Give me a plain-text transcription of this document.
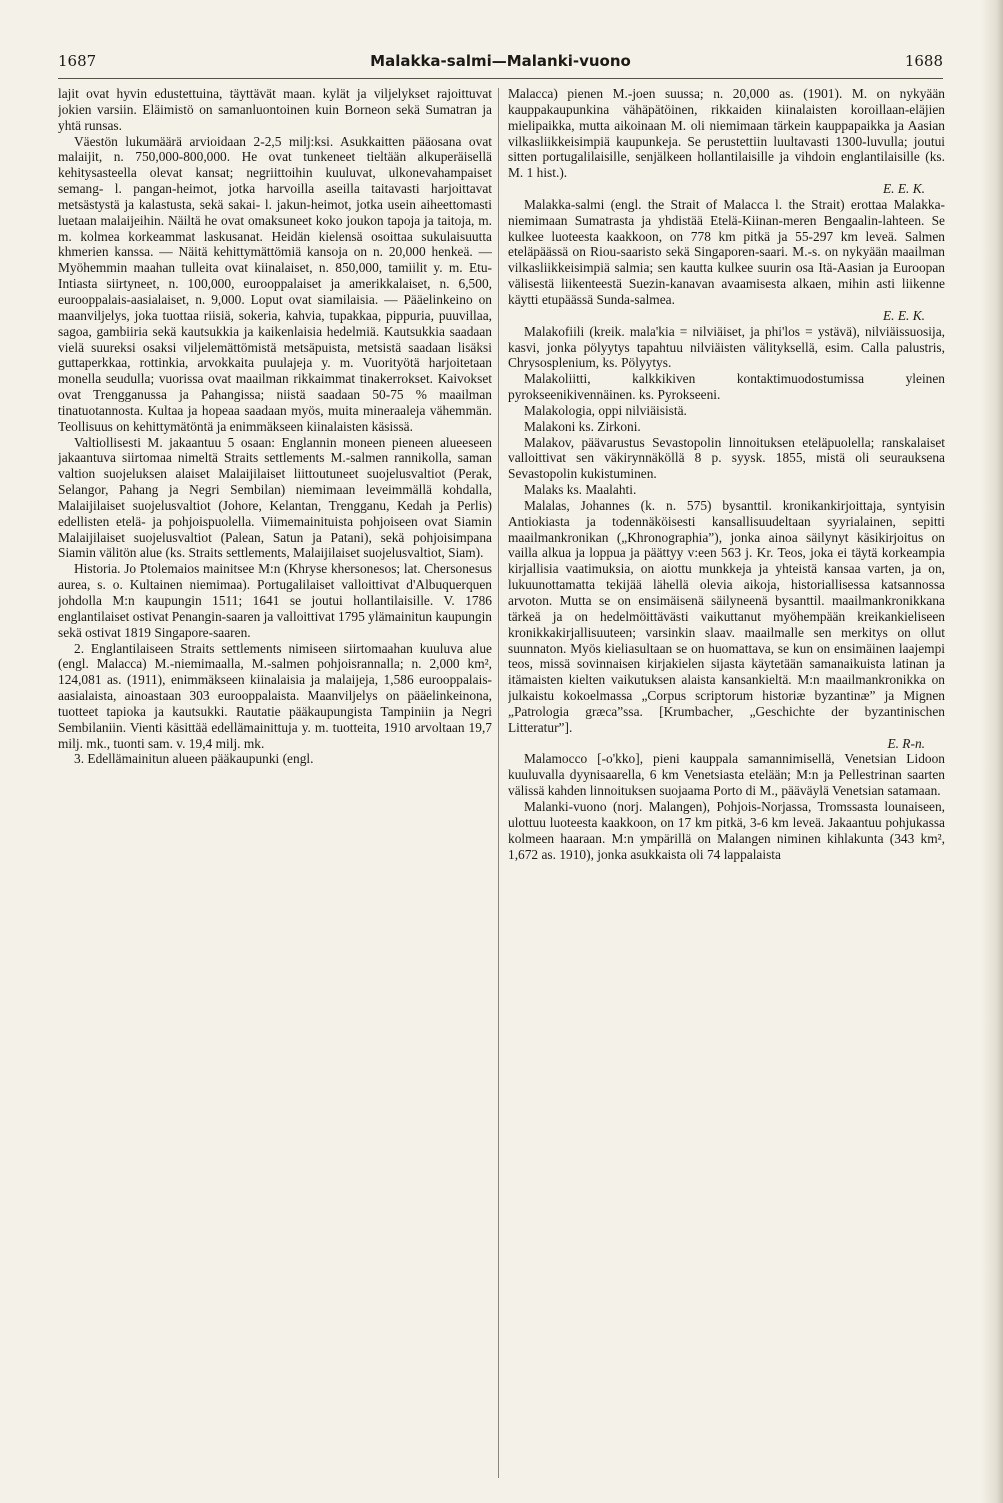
1687	Malakka-salmi—Malanki-vuono	1688

lajit ovat hyvin edustettuina, täyttävät maan. kylät ja viljelykset rajoittuvat jokien varsiin. Eläimistö on samanluontoinen kuin Borneon sekä Sumatran ja yhtä runsas.

Väestön lukumäärä arvioidaan 2-2,5 milj:ksi. Asukkaitten pääosana ovat malaijit, n. 750,000-800,000. He ovat tunkeneet tieltään alkuperäisellä kehitysasteella olevat kansat; negriittoihin kuuluvat, ulkonevahampaiset semang- l. pangan-heimot, jotka harvoilla aseilla taitavasti harjoittavat metsästystä ja kalastusta, sekä sakai- l. jakun-heimot, jotka usein aiheettomasti luetaan malaijeihin. Näiltä he ovat omaksuneet koko joukon tapoja ja taitoja, m. m. kolmea korkeammat laskusanat. Heidän kielensä osoittaa sukulaisuutta khmerien kanssa. — Näitä kehittymättömiä kansoja on n. 20,000 henkeä. — Myöhemmin maahan tulleita ovat kiinalaiset, n. 850,000, tamiilit y. m. Etu-Intiasta siirtyneet, n. 100,000, eurooppalaiset ja amerikkalaiset, n. 6,500, eurooppalais-aasialaiset, n. 9,000. Loput ovat siamilaisia. — Pääelinkeino on maanviljelys, joka tuottaa riisiä, sokeria, kahvia, tupakkaa, pippuria, puuvillaa, sagoa, gambiiria sekä kautsukkia ja kaikenlaisia hedelmiä. Kautsukkia saadaan vielä suureksi osaksi viljelemättömistä metsäpuista, metsistä saadaan lisäksi guttaperkkaa, rottinkia, arvokkaita puulajeja y. m. Vuorityötä harjoitetaan monella seudulla; vuorissa ovat maailman rikkaimmat tinakerrokset. Kaivokset ovat Trengganussa ja Pahangissa; niistä saadaan 50-75 % maailman tinatuotannosta. Kultaa ja hopeaa saadaan myös, muita mineraaleja vähemmän. Teollisuus on kehittymätöntä ja enimmäkseen kiinalaisten käsissä.

Valtiollisesti M. jakaantuu 5 osaan: Englannin moneen pieneen alueeseen jakaantuva siirtomaa nimeltä Straits settlements M.-salmen rannikolla, saman valtion suojeluksen alaiset Malaijilaiset liittoutuneet suojelusvaltiot (Perak, Selangor, Pahang ja Negri Sembilan) niemimaan leveimmällä kohdalla, Malaijilaiset suojelusvaltiot (Johore, Kelantan, Trengganu, Kedah ja Perlis) edellisten etelä- ja pohjoispuolella. Viimemainituista pohjoiseen ovat Siamin Malaijilaiset suojelusvaltiot (Palean, Satun ja Patani), sekä pohjoisimpana Siamin välitön alue (ks. Straits settlements, Malaijilaiset suojelusvaltiot, Siam).

Historia. Jo Ptolemaios mainitsee M:n (Khryse khersonesos; lat. Chersonesus aurea, s. o. Kultainen niemimaa). Portugalilaiset valloittivat d'Albuquerquen johdolla M:n kaupungin 1511; 1641 se joutui hollantilaisille. V. 1786 englantilaiset ostivat Penangin-saaren ja valloittivat 1795 ylämainitun kaupungin sekä ostivat 1819 Singapore-saaren.

2. Englantilaiseen Straits settlements nimiseen siirtomaahan kuuluva alue (engl. Malacca) M.-niemimaalla, M.-salmen pohjoisrannalla; n. 2,000 km², 124,081 as. (1911), enimmäkseen kiinalaisia ja malaijeja, 1,586 eurooppalais-aasialaista, ainoastaan 303 eurooppalaista. Maanviljelys on pääelinkeinona, tuotteet tapioka ja kautsukki. Rautatie pääkaupungista Tampiniin ja Negri Sembilaniin. Vienti käsittää edellämainittuja y. m. tuotteita, 1910 arvoltaan 19,7 milj. mk., tuonti sam. v. 19,4 milj. mk.

3. Edellämainitun alueen pääkaupunki (engl.

Malacca) pienen M.-joen suussa; n. 20,000 as. (1901). M. on nykyään kauppakaupunkina vähäpätöinen, rikkaiden kiinalaisten koroillaan-eläjien mielipaikka, mutta aikoinaan M. oli niemimaan tärkein kauppapaikka ja Aasian vilkasliikkeisimpiä kaupunkeja. Se perustettiin luultavasti 1300-luvulla; joutui sitten portugalilaisille, senjälkeen hollantilaisille ja vihdoin englantilaisille (ks. M. 1 hist.).

E. E. K.

Malakka-salmi (engl. the Strait of Malacca l. the Strait) erottaa Malakka-niemimaan Sumatrasta ja yhdistää Etelä-Kiinan-meren Bengaalin-lahteen. Se kulkee luoteesta kaakkoon, on 778 km pitkä ja 55-297 km leveä. Salmen eteläpäässä on Riou-saaristo sekä Singaporen-saari. M.-s. on nykyään maailman vilkasliikkeisimpiä salmia; sen kautta kulkee suurin osa Itä-Aasian ja Euroopan välisestä liikenteestä Suezin-kanavan avaamisesta alkaen, mihin asti liikenne käytti etupäässä Sunda-salmea.

E. E. K.

Malakofiili (kreik. mala'kia = nilviäiset, ja phi'los = ystävä), nilviäissuosija, kasvi, jonka pölyytys tapahtuu nilviäisten välityksellä, esim. Calla palustris, Chrysosplenium, ks. Pölyytys.

Malakoliitti, kalkkikiven kontaktimuodostumissa yleinen pyrokseenikivennäinen. ks. Pyrokseeni.

Malakologia, oppi nilviäisistä.

Malakoni ks. Zirkoni.

Malakov, päävarustus Sevastopolin linnoituksen eteläpuolella; ranskalaiset valloittivat sen väkirynnäköllä 8 p. syysk. 1855, mistä oli seurauksena Sevastopolin kukistuminen.

Malaks ks. Maalahti.

Malalas, Johannes (k. n. 575) bysanttil. kronikankirjoittaja, syntyisin Antiokiasta ja todennäköisesti kansallisuudeltaan syyrialainen, sepitti maailmankronikan („Khronographia”), jonka ainoa säilynyt käsikirjoitus on vailla alkua ja loppua ja päättyy v:een 563 j. Kr. Teos, joka ei täytä korkeampia kirjallisia vaatimuksia, on aiottu munkkeja ja yhteistä kansaa varten, ja on, lukuunottamatta tekijää lähellä olevia aikoja, historiallisessa katsannossa arvoton. Mutta se on ensimäisenä säilyneenä bysanttil. maailmankronikkana tärkeä ja on hedelmöittävästi vaikuttanut myöhempään kreikankieliseen kronikkakirjallisuuteen; varsinkin slaav. maailmalle sen merkitys on ollut suunnaton. Myös kieliasultaan se on huomattava, se kun on ensimäinen laajempi teos, missä sovinnaisen kirjakielen sijasta käytetään samanaikuista latinan ja itämaisten kielten vaikutuksen alaista kansankieltä. M:n maailmankronikka on julkaistu kokoelmassa „Corpus scriptorum historiæ byzantinæ” ja Mignen „Patrologia græca”ssa. [Krumbacher, „Geschichte der byzantinischen Litteratur”].

E. R-n.

Malamocco [-o'kko], pieni kauppala samannimisellä, Venetsian Lidoon kuuluvalla dyynisaarella, 6 km Venetsiasta etelään; M:n ja Pellestrinan saarten välissä kahden linnoituksen suojaama Porto di M., pääväylä Venetsian satamaan.

Malanki-vuono (norj. Malangen), Pohjois-Norjassa, Tromssasta lounaiseen, ulottuu luoteesta kaakkoon, on 17 km pitkä, 3-6 km leveä. Jakaantuu pohjukassa kolmeen haaraan. M:n ympärillä on Malangen niminen kihlakunta (343 km², 1,672 as. 1910), jonka asukkaista oli 74 lappalaista
